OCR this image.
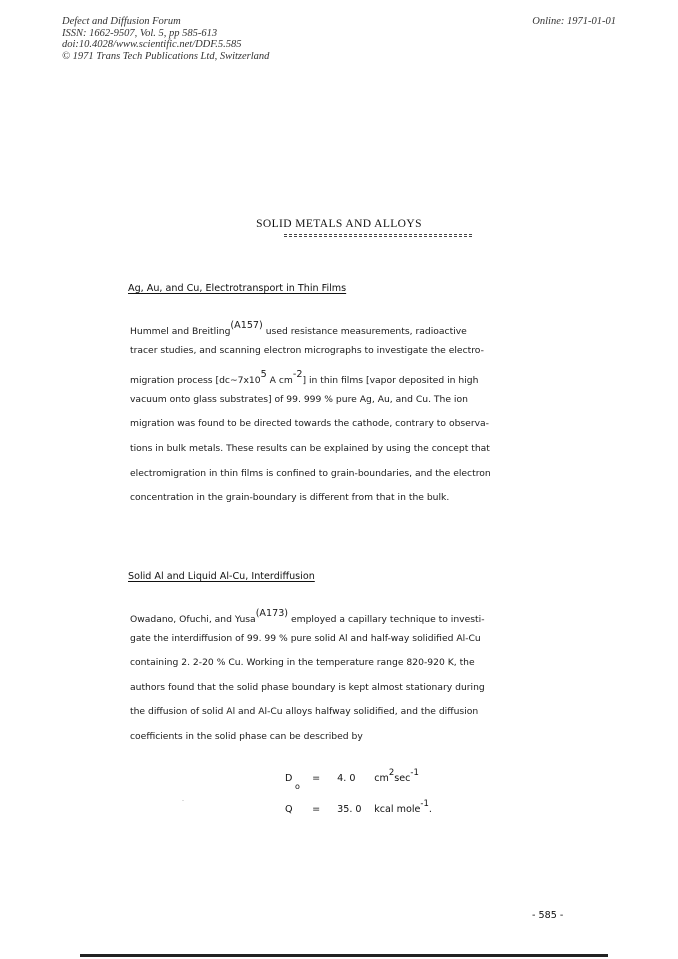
Defect and Diffusion Forum
ISSN: 1662-9507, Vol. 5, pp 585-613
doi:10.4028/www.scientific.net/DDF.5.585
© 1971 Trans Tech Publications Ltd, Switzerland
Online: 1971-01-01
SOLID METALS AND ALLOYS
Ag, Au, and Cu, Electrotransport in Thin Films
Hummel and Breitling(A157) used resistance measurements, radioactive
tracer studies, and scanning electron micrographs to investigate the electro-
migration process [dc~7x105 A cm-2] in thin films [vapor deposited in high
vacuum onto glass substrates] of 99. 999 % pure Ag, Au, and Cu. The ion
migration was found to be directed towards the cathode, contrary to observa-
tions in bulk metals. These results can be explained by using the concept that
electromigration in thin films is confined to grain-boundaries, and the electron
concentration in the grain-boundary is different from that in the bulk.
Solid Al and Liquid Al-Cu, Interdiffusion
Owadano, Ofuchi, and Yusa(A173) employed a capillary technique to investi-
gate the interdiffusion of 99. 99 % pure solid Al and half-way solidified Al-Cu
containing 2. 2-20 % Cu. Working in the temperature range 820-920 K, the
authors found that the solid phase boundary is kept almost stationary during
the diffusion of solid Al and Al-Cu alloys halfway solidified, and the diffusion
coefficients in the solid phase can be described by
D
o
= 4. 0 cm2sec-1
Q = 35. 0 kcal mole-1.
- 585 -
